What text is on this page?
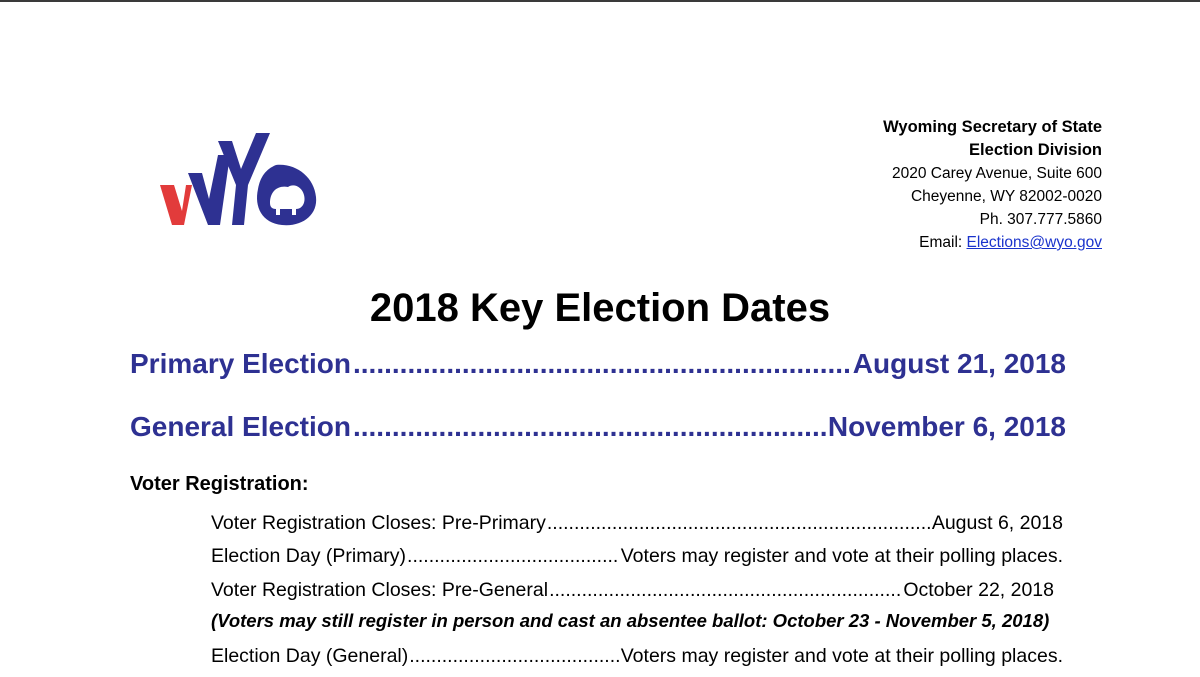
Wyoming Secretary of State
Election Division
2020 Carey Avenue, Suite 600
Cheyenne, WY 82002-0020
Ph. 307.777.5860
Email: Elections@wyo.gov
2018 Key Election Dates
Primary Election .....	August 21, 2018
General Election .....	November 6, 2018
Voter Registration:
Voter Registration Closes: Pre-Primary .....	August 6, 2018
Election Day (Primary) .....	Voters may register and vote at their polling places.
Voter Registration Closes: Pre-General .....	October 22, 2018
(Voters may still register in person and cast an absentee ballot: October 23 - November 5, 2018)
Election Day (General) .....	Voters may register and vote at their polling places.
